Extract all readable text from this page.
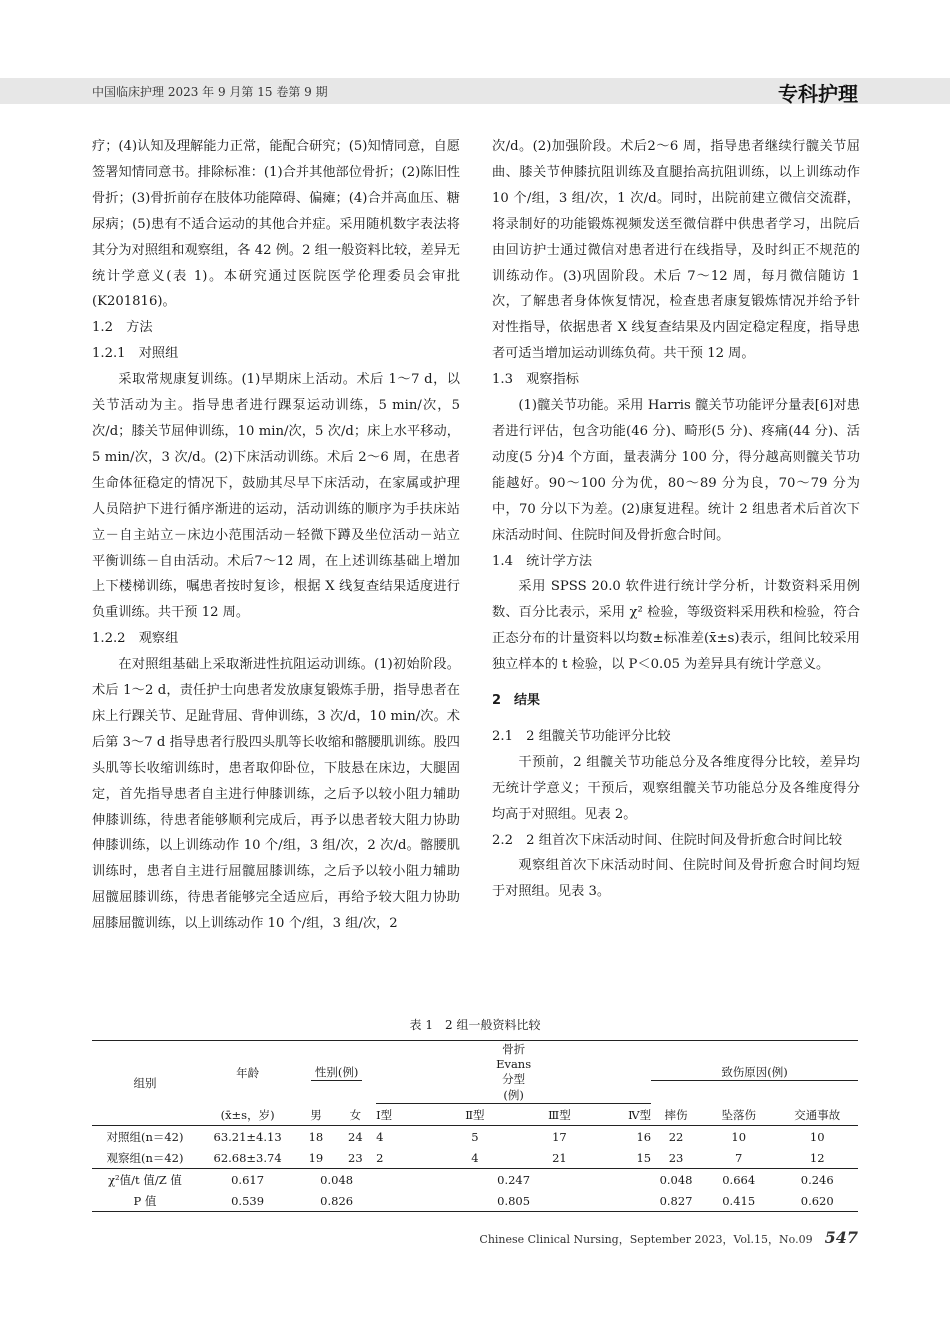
中国临床护理 2023 年 9 月第 15 卷第 9 期	专科护理

疗；(4)认知及理解能力正常，能配合研究；(5)知情同意，自愿签署知情同意书。排除标准：(1)合并其他部位骨折；(2)陈旧性骨折；(3)骨折前存在肢体功能障碍、偏瘫；(4)合并高血压、糖尿病；(5)患有不适合运动的其他合并症。采用随机数字表法将其分为对照组和观察组，各 42 例。2 组一般资料比较，差异无统计学意义(表 1)。本研究通过医院医学伦理委员会审批(K201816)。

1.2　方法

1.2.1　对照组

采取常规康复训练。(1)早期床上活动。术后 1～7 d，以关节活动为主。指导患者进行踝泵运动训练，5 min/次，5 次/d；膝关节屈伸训练，10 min/次，5 次/d；床上水平移动，5 min/次，3 次/d。(2)下床活动训练。术后 2～6 周，在患者生命体征稳定的情况下，鼓励其尽早下床活动，在家属或护理人员陪护下进行循序渐进的运动，活动训练的顺序为手扶床站立－自主站立－床边小范围活动－轻微下蹲及坐位活动－站立平衡训练－自由活动。术后7～12 周，在上述训练基础上增加上下楼梯训练，嘱患者按时复诊，根据 X 线复查结果适度进行负重训练。共干预 12 周。

1.2.2　观察组

在对照组基础上采取渐进性抗阻运动训练。(1)初始阶段。术后 1～2 d，责任护士向患者发放康复锻炼手册，指导患者在床上行踝关节、足趾背屈、背伸训练，3 次/d，10 min/次。术后第 3～7 d 指导患者行股四头肌等长收缩和髂腰肌训练。股四头肌等长收缩训练时，患者取仰卧位，下肢悬在床边，大腿固定，首先指导患者自主进行伸膝训练，之后予以较小阻力辅助伸膝训练，待患者能够顺利完成后，再予以患者较大阻力协助伸膝训练，以上训练动作 10 个/组，3 组/次，2 次/d。髂腰肌训练时，患者自主进行屈髋屈膝训练，之后予以较小阻力辅助屈髋屈膝训练，待患者能够完全适应后，再给予较大阻力协助屈膝屈髋训练，以上训练动作 10 个/组，3 组/次，2

次/d。(2)加强阶段。术后2～6 周，指导患者继续行髋关节屈曲、膝关节伸膝抗阻训练及直腿抬高抗阻训练，以上训练动作 10 个/组，3 组/次，1 次/d。同时，出院前建立微信交流群，将录制好的功能锻炼视频发送至微信群中供患者学习，出院后由回访护士通过微信对患者进行在线指导，及时纠正不规范的训练动作。(3)巩固阶段。术后 7～12 周，每月微信随访 1 次，了解患者身体恢复情况，检查患者康复锻炼情况并给予针对性指导，依据患者 X 线复查结果及内固定稳定程度，指导患者可适当增加运动训练负荷。共干预 12 周。

1.3　观察指标

(1)髋关节功能。采用 Harris 髋关节功能评分量表[6]对患者进行评估，包含功能(46 分)、畸形(5 分)、疼痛(44 分)、活动度(5 分)4 个方面，量表满分 100 分，得分越高则髋关节功能越好。90～100 分为优，80～89 分为良，70～79 分为中，70 分以下为差。(2)康复进程。统计 2 组患者术后首次下床活动时间、住院时间及骨折愈合时间。

1.4　统计学方法

采用 SPSS 20.0 软件进行统计学分析，计数资料采用例数、百分比表示，采用 χ² 检验，等级资料采用秩和检验，符合正态分布的计量资料以均数±标准差(x̄±s)表示，组间比较采用独立样本的 t 检验，以 P＜0.05 为差异具有统计学意义。

2　结果

2.1　2 组髋关节功能评分比较

干预前，2 组髋关节功能总分及各维度得分比较，差异均无统计学意义；干预后，观察组髋关节功能总分及各维度得分均高于对照组。见表 2。

2.2　2 组首次下床活动时间、住院时间及骨折愈合时间比较

观察组首次下床活动时间、住院时间及骨折愈合时间均短于对照组。见表 3。

表 1　2 组一般资料比较
组别	年龄	性别(例)		骨折 Evans 分型(例)				致伤原因(例)		
	(x̄±s，岁)	男	女	Ⅰ型	Ⅱ型	Ⅲ型	Ⅳ型	摔伤	坠落伤	交通事故
对照组(n＝42)	63.21±4.13	18	24	4	5	17	16	22	10	10
观察组(n＝42)	62.68±3.74	19	23	2	4	21	15	23	7	12
χ²值/t 值/Z 值	0.617	0.048		0.247				0.048	0.664	0.246
P 值	0.539	0.826		0.805				0.827	0.415	0.620
Chinese Clinical Nursing，September 2023，Vol.15，No.09 547
